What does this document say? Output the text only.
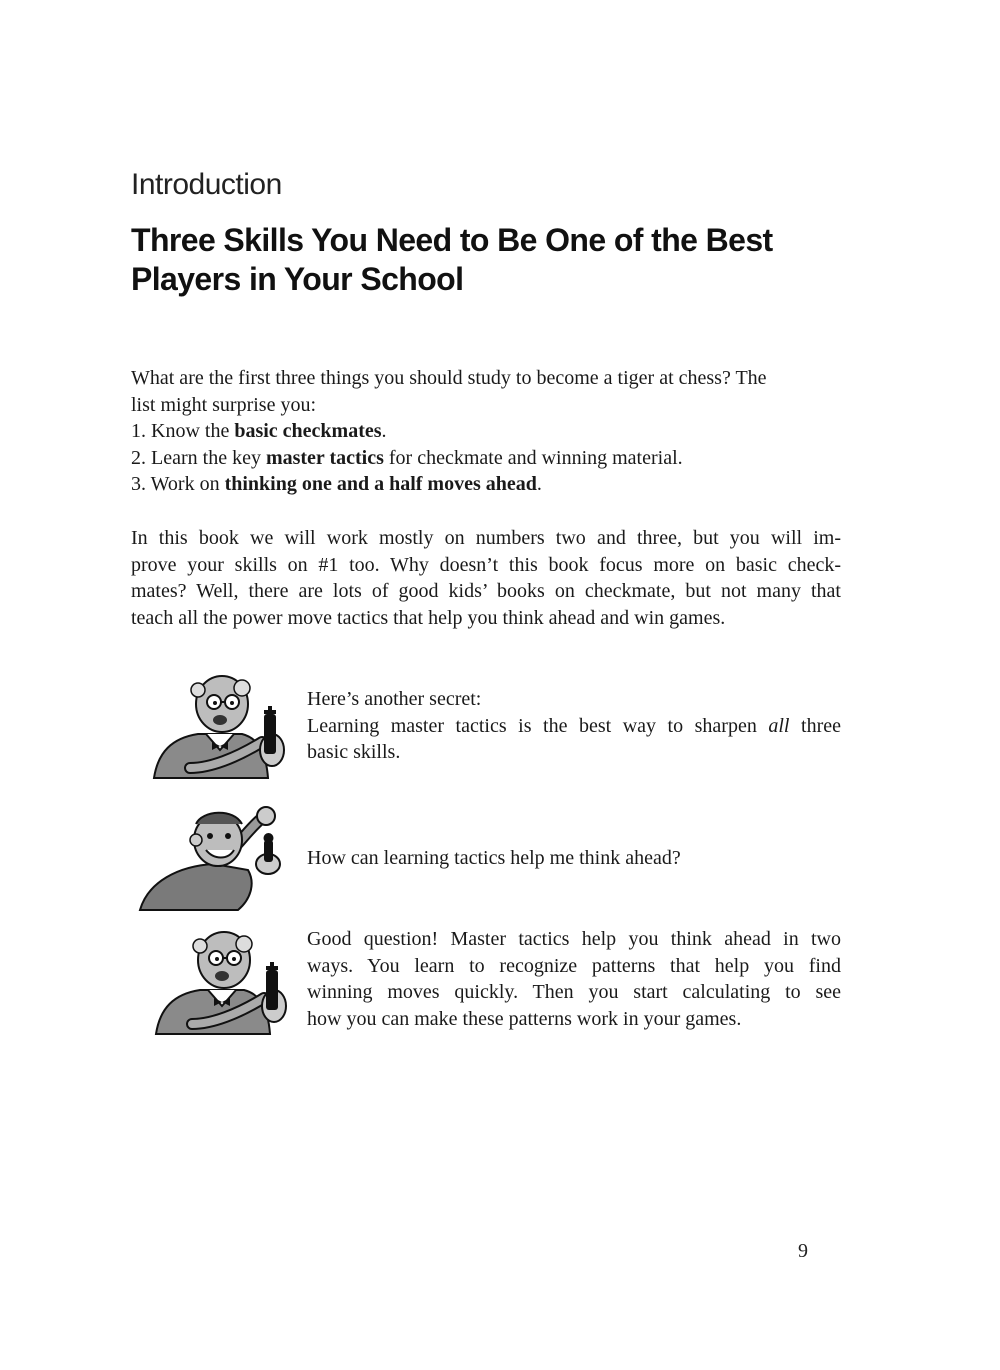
Introduction
Three Skills You Need to Be One of the Best
Players in Your School
What are the first three things you should study to become a tiger at chess? The
list might surprise you:
1. Know the basic checkmates.
2. Learn the key master tactics for checkmate and winning material.
3. Work on thinking one and a half moves ahead.
In this book we will work mostly on numbers two and three, but you will im-
prove your skills on #1 too. Why doesn’t this book focus more on basic check-
mates? Well, there are lots of good kids’ books on checkmate, but not many that
teach all the power move tactics that help you think ahead and win games.
Here’s another secret:
Learning master tactics is the best way to sharpen all three
basic skills.
How can learning tactics help me think ahead?
Good question! Master tactics help you think ahead in two
ways. You learn to recognize patterns that help you find
winning moves quickly. Then you start calculating to see
how you can make these patterns work in your games.
9
